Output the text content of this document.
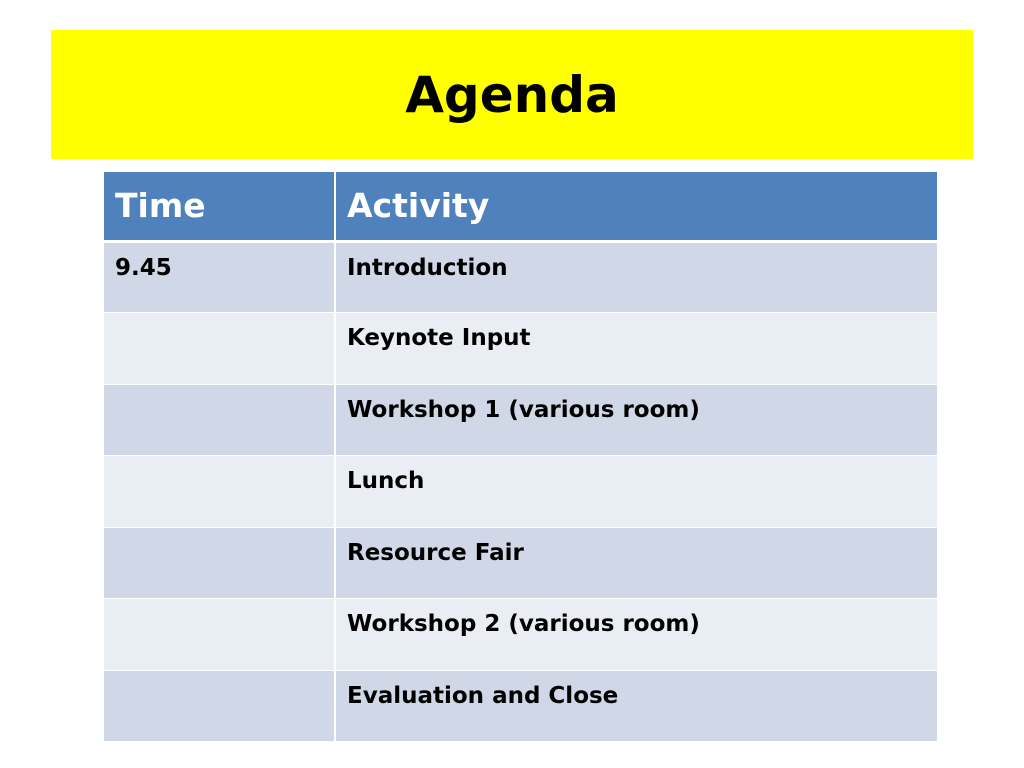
Agenda
Time	Activity
9.45	Introduction
	Keynote Input
	Workshop 1 (various room)
	Lunch
	Resource Fair
	Workshop 2 (various room)
	Evaluation and Close
